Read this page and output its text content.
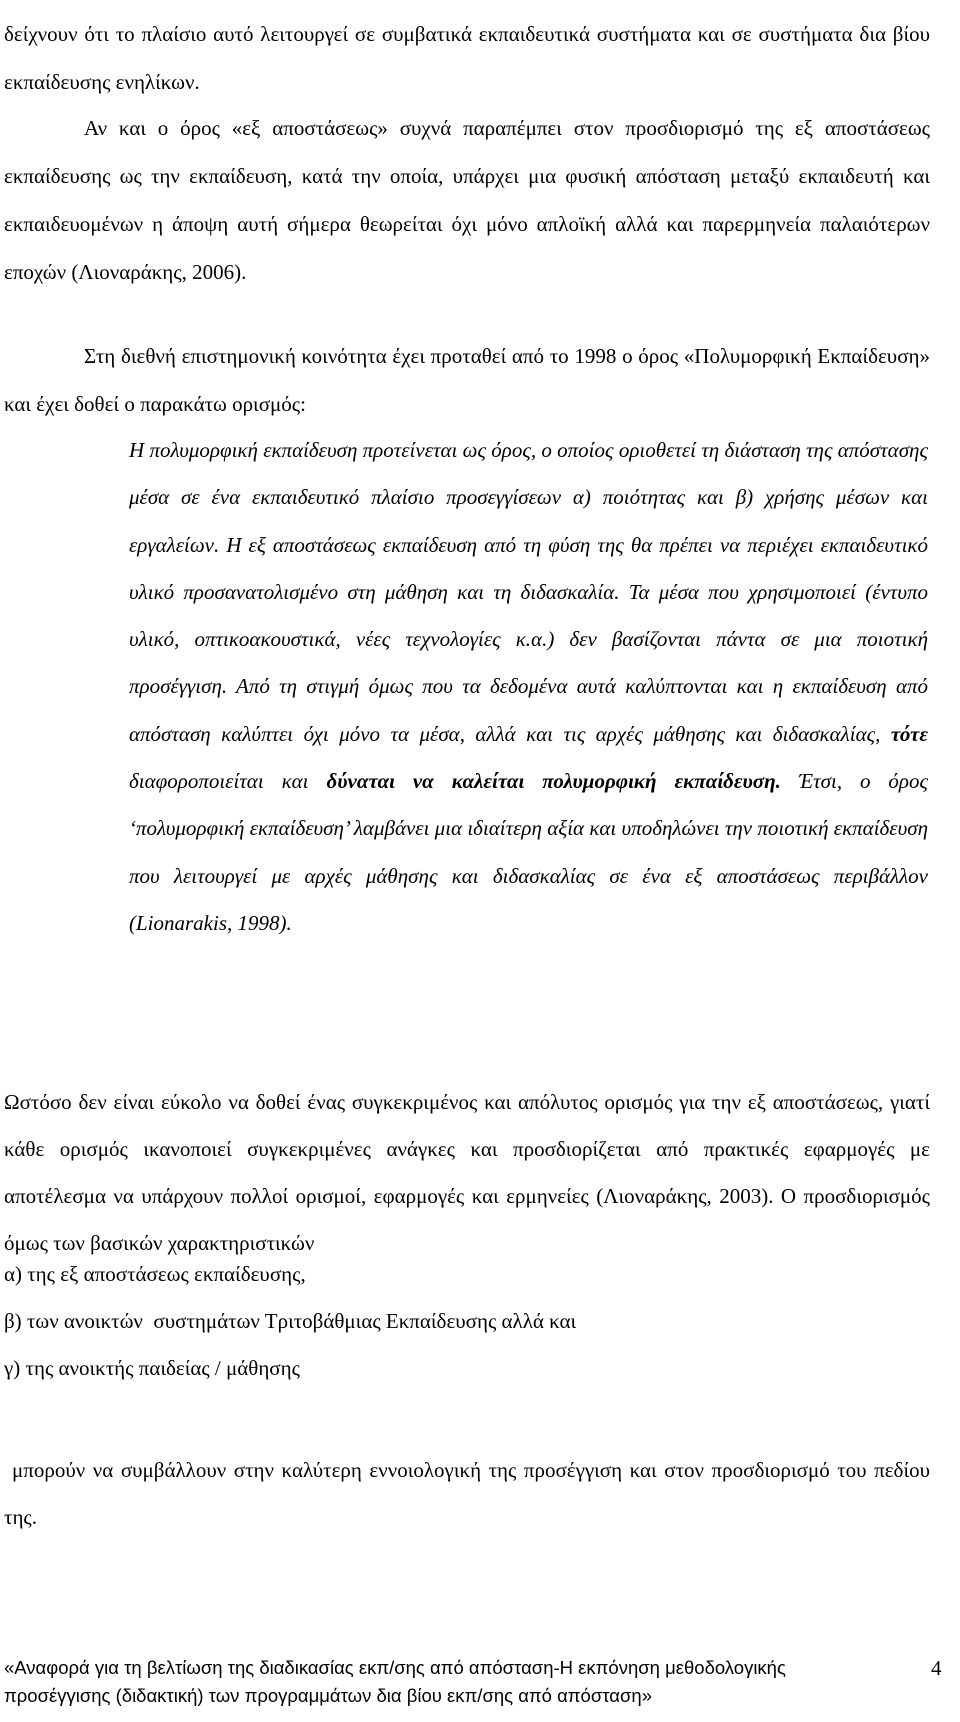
δείχνουν ότι το πλαίσιο αυτό λειτουργεί σε συμβατικά εκπαιδευτικά συστήματα και σε συστήματα δια βίου εκπαίδευσης ενηλίκων.

Αν και ο όρος «εξ αποστάσεως» συχνά παραπέμπει στον προσδιορισμό της εξ αποστάσεως εκπαίδευσης ως την εκπαίδευση, κατά την οποία, υπάρχει μια φυσική απόσταση μεταξύ εκπαιδευτή και εκπαιδευομένων η άποψη αυτή σήμερα θεωρείται όχι μόνο απλοϊκή αλλά και παρερμηνεία παλαιότερων εποχών (Λιοναράκης, 2006).

Στη διεθνή επιστημονική κοινότητα έχει προταθεί από το 1998 ο όρος «Πολυμορφική Εκπαίδευση» και έχει δοθεί ο παρακάτω ορισμός:

Η πολυμορφική εκπαίδευση προτείνεται ως όρος, ο οποίος οριοθετεί τη διάσταση της απόστασης μέσα σε ένα εκπαιδευτικό πλαίσιο προσεγγίσεων α) ποιότητας και β) χρήσης μέσων και εργαλείων. Η εξ αποστάσεως εκπαίδευση από τη φύση της θα πρέπει να περιέχει εκπαιδευτικό υλικό προσανατολισμένο στη μάθηση και τη διδασκαλία. Τα μέσα που χρησιμοποιεί (έντυπο υλικό, οπτικοακουστικά, νέες τεχνολογίες κ.α.) δεν βασίζονται πάντα σε μια ποιοτική προσέγγιση. Από τη στιγμή όμως που τα δεδομένα αυτά καλύπτονται και η εκπαίδευση από απόσταση καλύπτει όχι μόνο τα μέσα, αλλά και τις αρχές μάθησης και διδασκαλίας, τότε διαφοροποιείται και δύναται να καλείται πολυμορφική εκπαίδευση. Έτσι, ο όρος ‘πολυμορφική εκπαίδευση’ λαμβάνει μια ιδιαίτερη αξία και υποδηλώνει την ποιοτική εκπαίδευση που λειτουργεί με αρχές μάθησης και διδασκαλίας σε ένα εξ αποστάσεως περιβάλλον (Lionarakis, 1998).

Ωστόσο δεν είναι εύκολο να δοθεί ένας συγκεκριμένος και απόλυτος ορισμός για την εξ αποστάσεως, γιατί κάθε ορισμός ικανοποιεί συγκεκριμένες ανάγκες και προσδιορίζεται από πρακτικές εφαρμογές με αποτέλεσμα να υπάρχουν πολλοί ορισμοί, εφαρμογές και ερμηνείες (Λιοναράκης, 2003). Ο προσδιορισμός όμως των βασικών χαρακτηριστικών

α) της εξ αποστάσεως εκπαίδευσης,

β) των ανοικτών  συστημάτων Τριτοβάθμιας Εκπαίδευσης αλλά και

γ) της ανοικτής παιδείας / μάθησης

μπορούν να συμβάλλουν στην καλύτερη εννοιολογική της προσέγγιση και στον προσδιορισμό του πεδίου της.

«Αναφορά για τη βελτίωση της διαδικασίας εκπ/σης από απόσταση-Η εκπόνηση μεθοδολογικής προσέγγισης (διδακτική) των προγραμμάτων δια βίου εκπ/σης από απόσταση»

4
